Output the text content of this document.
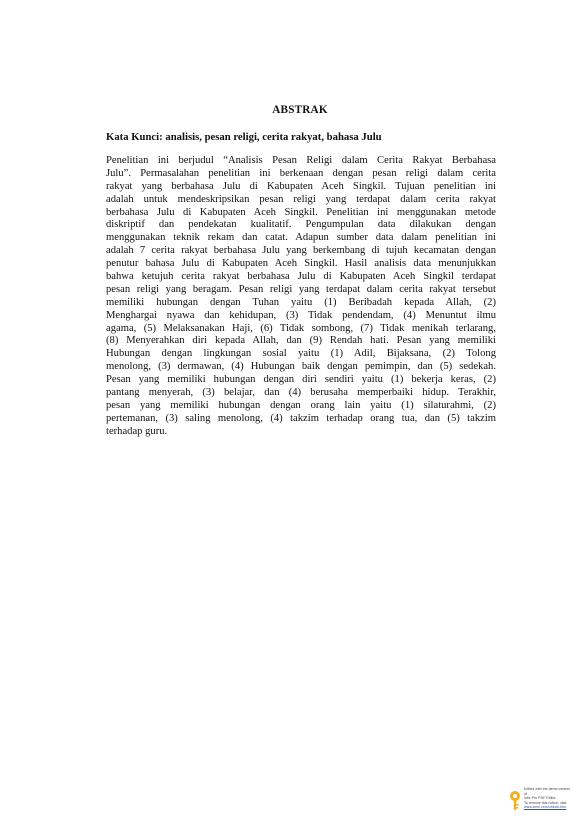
ABSTRAK
Kata Kunci: analisis, pesan religi, cerita rakyat, bahasa Julu
Penelitian ini berjudul “Analisis Pesan Religi dalam Cerita Rakyat Berbahasa
Julu”. Permasalahan penelitian ini berkenaan dengan pesan religi dalam cerita
rakyat yang berbahasa Julu di Kabupaten Aceh Singkil. Tujuan penelitian ini
adalah untuk mendeskripsikan pesan religi yang terdapat dalam cerita rakyat
berbahasa Julu di Kabupaten Aceh Singkil. Penelitian ini menggunakan metode
diskriptif dan pendekatan kualitatif. Pengumpulan data dilakukan dengan
menggunakan teknik rekam dan catat. Adapun sumber data dalam penelitian ini
adalah 7 cerita rakyat berbahasa Julu yang berkembang di tujuh kecamatan dengan
penutur bahasa Julu di Kabupaten Aceh Singkil. Hasil analisis data menunjukkan
bahwa ketujuh cerita rakyat berbahasa Julu di Kabupaten Aceh Singkil terdapat
pesan religi yang beragam. Pesan religi yang terdapat dalam cerita rakyat tersebut
memiliki hubungan dengan Tuhan yaitu (1) Beribadah kepada Allah, (2)
Menghargai nyawa dan kehidupan, (3) Tidak pendendam, (4) Menuntut ilmu
agama, (5) Melaksanakan Haji, (6) Tidak sombong, (7) Tidak menikah terlarang,
(8) Menyerahkan diri kepada Allah, dan (9) Rendah hati. Pesan yang memiliki
Hubungan dengan lingkungan sosial yaitu (1) Adil, Bijaksana, (2) Tolong
menolong, (3) dermawan, (4) Hubungan baik dengan pemimpin, dan (5) sedekah.
Pesan yang memiliki hubungan dengan diri sendiri yaitu (1) bekerja keras, (2)
pantang menyerah, (3) belajar, dan (4) berusaha memperbaiki hidup. Terakhir,
pesan yang memiliki hubungan dengan orang lain yaitu (1) silaturahmi, (2)
pertemanan, (3) saling menolong, (4) takzim terhadap orang tua, dan (5) takzim
terhadap guru.
Edited with the demo version of
Infix Pro PDF Editor
To remove this notice, visit:
www.iceni.com/unlock.htm
